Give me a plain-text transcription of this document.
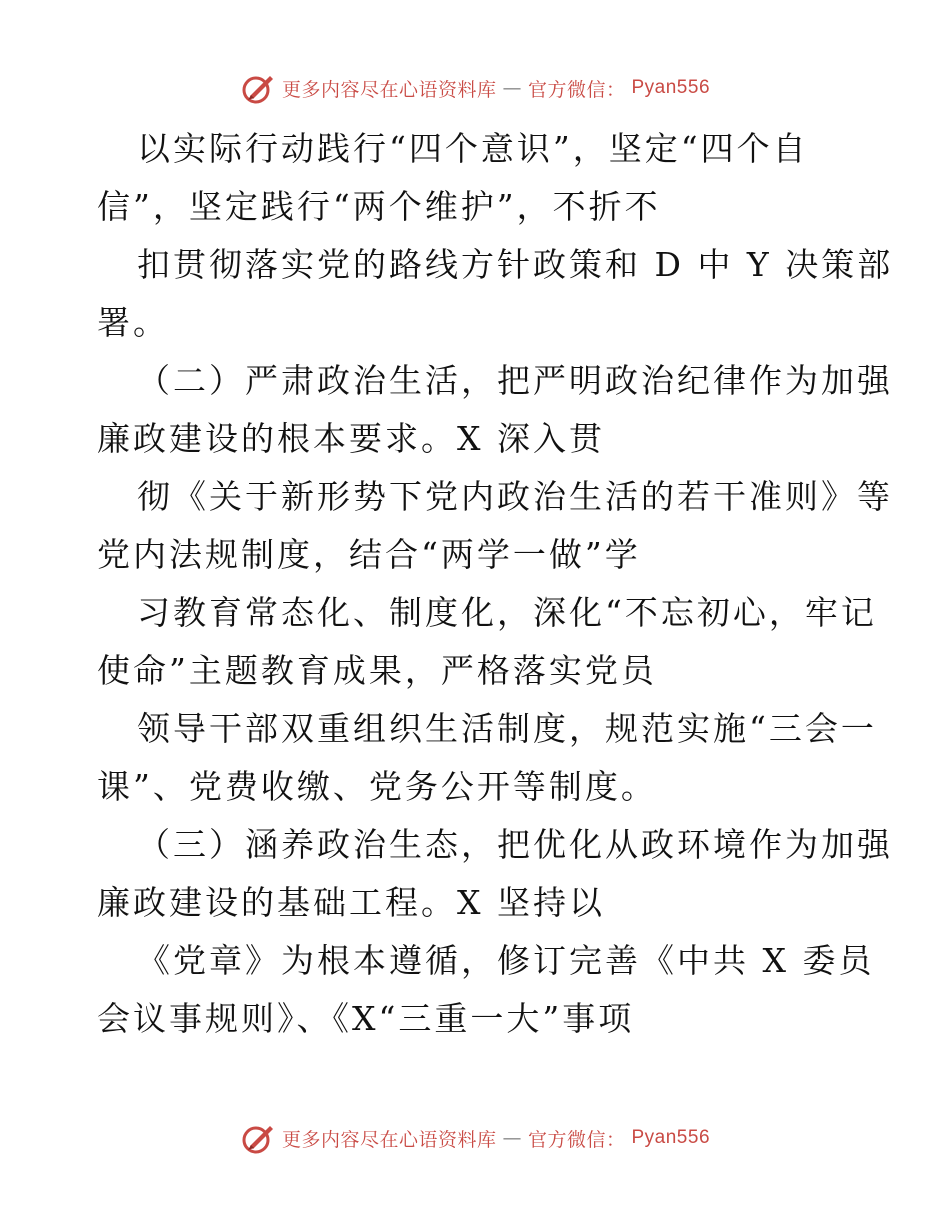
更多内容尽在心语资料库 — 官方微信： Pyan556
以实际行动践行“四个意识”，坚定“四个自
信”，坚定践行“两个维护”，不折不
扣贯彻落实党的路线方针政策和 D 中 Y 决策部
署。
（二）严肃政治生活，把严明政治纪律作为加强
廉政建设的根本要求。X 深入贯
彻《关于新形势下党内政治生活的若干准则》等
党内法规制度，结合“两学一做”学
习教育常态化、制度化，深化“不忘初心，牢记
使命”主题教育成果，严格落实党员
领导干部双重组织生活制度，规范实施“三会一
课”、党费收缴、党务公开等制度。
（三）涵养政治生态，把优化从政环境作为加强
廉政建设的基础工程。X 坚持以
《党章》为根本遵循，修订完善《中共 X 委员
会议事规则》、《X“三重一大”事项
更多内容尽在心语资料库 — 官方微信： Pyan556
